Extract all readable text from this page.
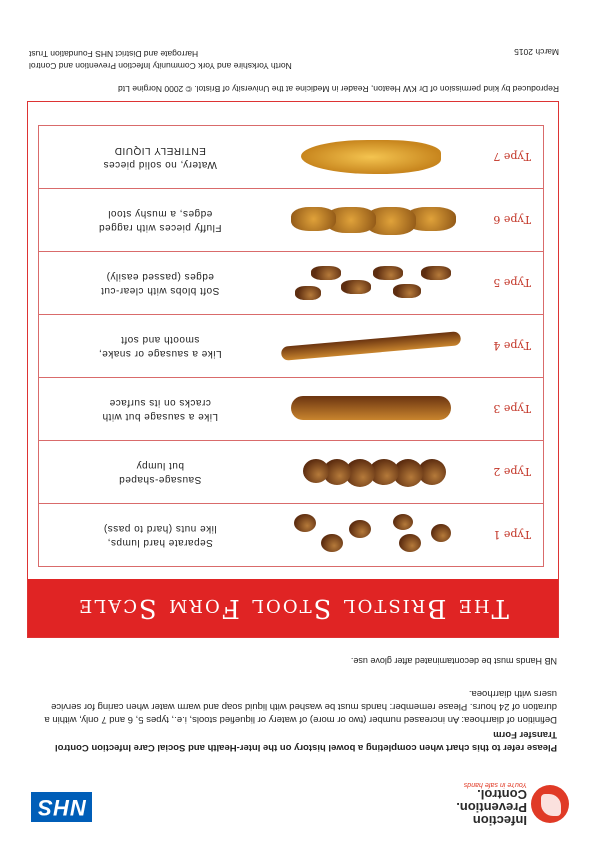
Infection
Prevention.
Control.
You're in safe hands
NHS

Please refer to this chart when completing a bowel history on the Inter-Health and Social Care Infection Control Transfer Form

Definition of diarrhoea: An increased number (two or more) of watery or liquefied stools, i.e., types 5, 6 and 7 only, within a duration of 24 hours. Please remember: hands must be washed with liquid soap and warm water when caring for service users with diarrhoea.

NB Hands must be decontaminated after glove use.
The Bristol Stool Form Scale
Type 1
Separate hard lumps,
like nuts (hard to pass)
Type 2
Sausage-shaped
but lumpy
Type 3
Like a sausage but with
cracks on its surface
Type 4
Like a sausage or snake,
smooth and soft
Type 5
Soft blobs with clear-cut
edges (passed easily)
Type 6
Fluffy pieces with ragged
edges, a mushy stool
Type 7
Watery, no solid pieces
ENTIRELY LIQUID
Reproduced by kind permission of Dr KW Heaton, Reader in Medicine at the University of Bristol. © 2000 Norgine Ltd
North Yorkshire and York Community Infection Prevention and Control
Harrogate and District NHS Foundation Trust	March 2015
